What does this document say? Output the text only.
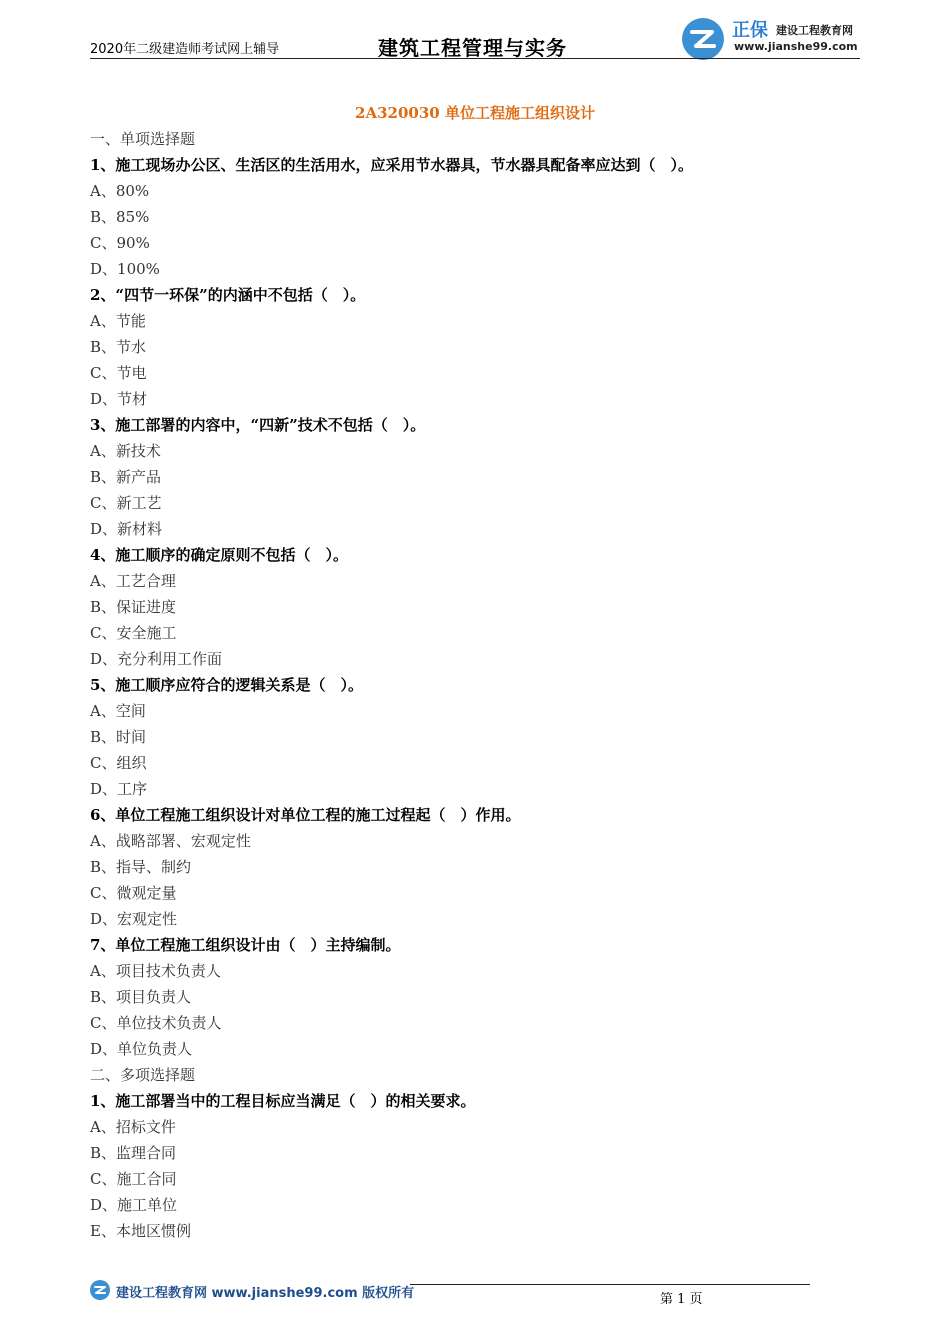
2020年二级建造师考试网上辅导	建筑工程管理与实务
正保 建设工程教育网
www.jianshe99.com
2A320030 单位工程施工组织设计
一、单项选择题
1、施工现场办公区、生活区的生活用水，应采用节水器具，节水器具配备率应达到（　）。
A、80%
B、85%
C、90%
D、100%
2、“四节一环保”的内涵中不包括（　）。
A、节能
B、节水
C、节电
D、节材
3、施工部署的内容中，“四新”技术不包括（　）。
A、新技术
B、新产品
C、新工艺
D、新材料
4、施工顺序的确定原则不包括（　）。
A、工艺合理
B、保证进度
C、安全施工
D、充分利用工作面
5、施工顺序应符合的逻辑关系是（　）。
A、空间
B、时间
C、组织
D、工序
6、单位工程施工组织设计对单位工程的施工过程起（　）作用。
A、战略部署、宏观定性
B、指导、制约
C、微观定量
D、宏观定性
7、单位工程施工组织设计由（　）主持编制。
A、项目技术负责人
B、项目负责人
C、单位技术负责人
D、单位负责人
二、多项选择题
1、施工部署当中的工程目标应当满足（　）的相关要求。
A、招标文件
B、监理合同
C、施工合同
D、施工单位
E、本地区惯例
建设工程教育网 www.jianshe99.com 版权所有	第 1 页
